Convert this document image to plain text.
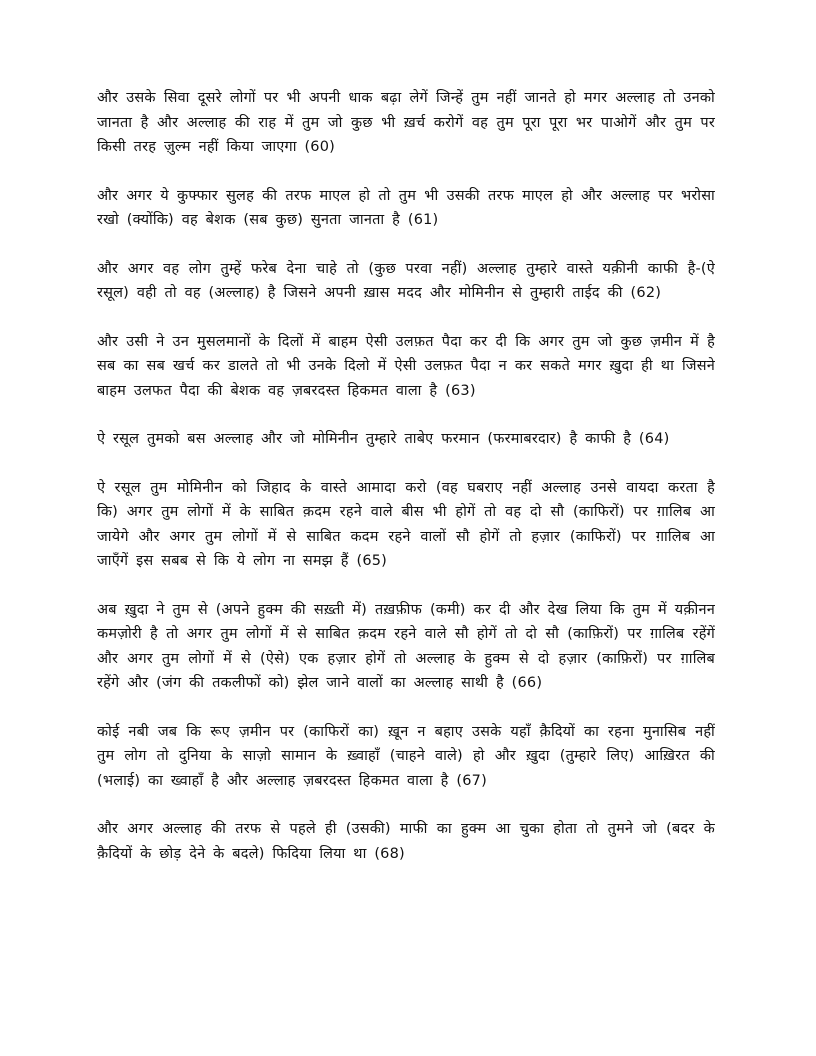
और उसके सिवा दूसरे लोगों पर भी अपनी धाक बढ़ा लेगें जिन्हें तुम नहीं जानते हो मगर अल्लाह तो उनको जानता है और अल्लाह की राह में तुम जो कुछ भी ख़र्च करोगें वह तुम पूरा पूरा भर पाओगें और तुम पर किसी तरह ज़ुल्म नहीं किया जाएगा (60)

और अगर ये कुफ्फार सुलह की तरफ माएल हो तो तुम भी उसकी तरफ माएल हो और अल्लाह पर भरोसा रखो (क्योंकि) वह बेशक (सब कुछ) सुनता जानता है (61)

और अगर वह लोग तुम्हें फरेब देना चाहे तो (कुछ परवा नहीं) अल्लाह तुम्हारे वास्ते यक़ीनी काफी है-(ऐ रसूल) वही तो वह (अल्लाह) है जिसने अपनी ख़ास मदद और मोमिनीन से तुम्हारी ताईद की (62)

और उसी ने उन मुसलमानों के दिलों में बाहम ऐसी उलफ़त पैदा कर दी कि अगर तुम जो कुछ ज़मीन में है सब का सब खर्च कर डालते तो भी उनके दिलो में ऐसी उलफ़त पैदा न कर सकते मगर ख़ुदा ही था जिसने बाहम उलफत पैदा की बेशक वह ज़बरदस्त हिकमत वाला है (63)

ऐ रसूल तुमको बस अल्लाह और जो मोमिनीन तुम्हारे ताबेए फरमान (फरमाबरदार) है काफी है (64)

ऐ रसूल तुम मोमिनीन को जिहाद के वास्ते आमादा करो (वह घबराए नहीं अल्लाह उनसे वायदा करता है कि) अगर तुम लोगों में के साबित क़दम रहने वाले बीस भी होगें तो वह दो सौ (काफिरों) पर ग़ालिब आ जायेगे और अगर तुम लोगों में से साबित कदम रहने वालों सौ होगें तो हज़ार (काफिरों) पर ग़ालिब आ जाएँगें इस सबब से कि ये लोग ना समझ हैं (65)

अब ख़ुदा ने तुम से (अपने हुक्म की सख़्ती में) तख़फ़ीफ (कमी) कर दी और देख लिया कि तुम में यक़ीनन कमज़ोरी है तो अगर तुम लोगों में से साबित क़दम रहने वाले सौ होगें तो दो सौ (काफ़िरों) पर ग़ालिब रहेंगें और अगर तुम लोगों में से (ऐसे) एक हज़ार होगें तो अल्लाह के हुक्म से दो हज़ार (काफ़िरों) पर ग़ालिब रहेंगे और (जंग की तकलीफों को) झेल जाने वालों का अल्लाह साथी है (66)

कोई नबी जब कि रूए ज़मीन पर (काफिरों का) ख़ून न बहाए उसके यहाँ क़ैदियों का रहना मुनासिब नहीं तुम लोग तो दुनिया के साज़ो सामान के ख़्वाहाँ (चाहने वाले) हो और ख़ुदा (तुम्हारे लिए) आख़िरत की (भलाई) का ख्वाहाँ है और अल्लाह ज़बरदस्त हिकमत वाला है (67)

और अगर अल्लाह की तरफ से पहले ही (उसकी) माफी का हुक्म आ चुका होता तो तुमने जो (बदर के क़ैदियों के छोड़ देने के बदले) फिदिया लिया था (68)
